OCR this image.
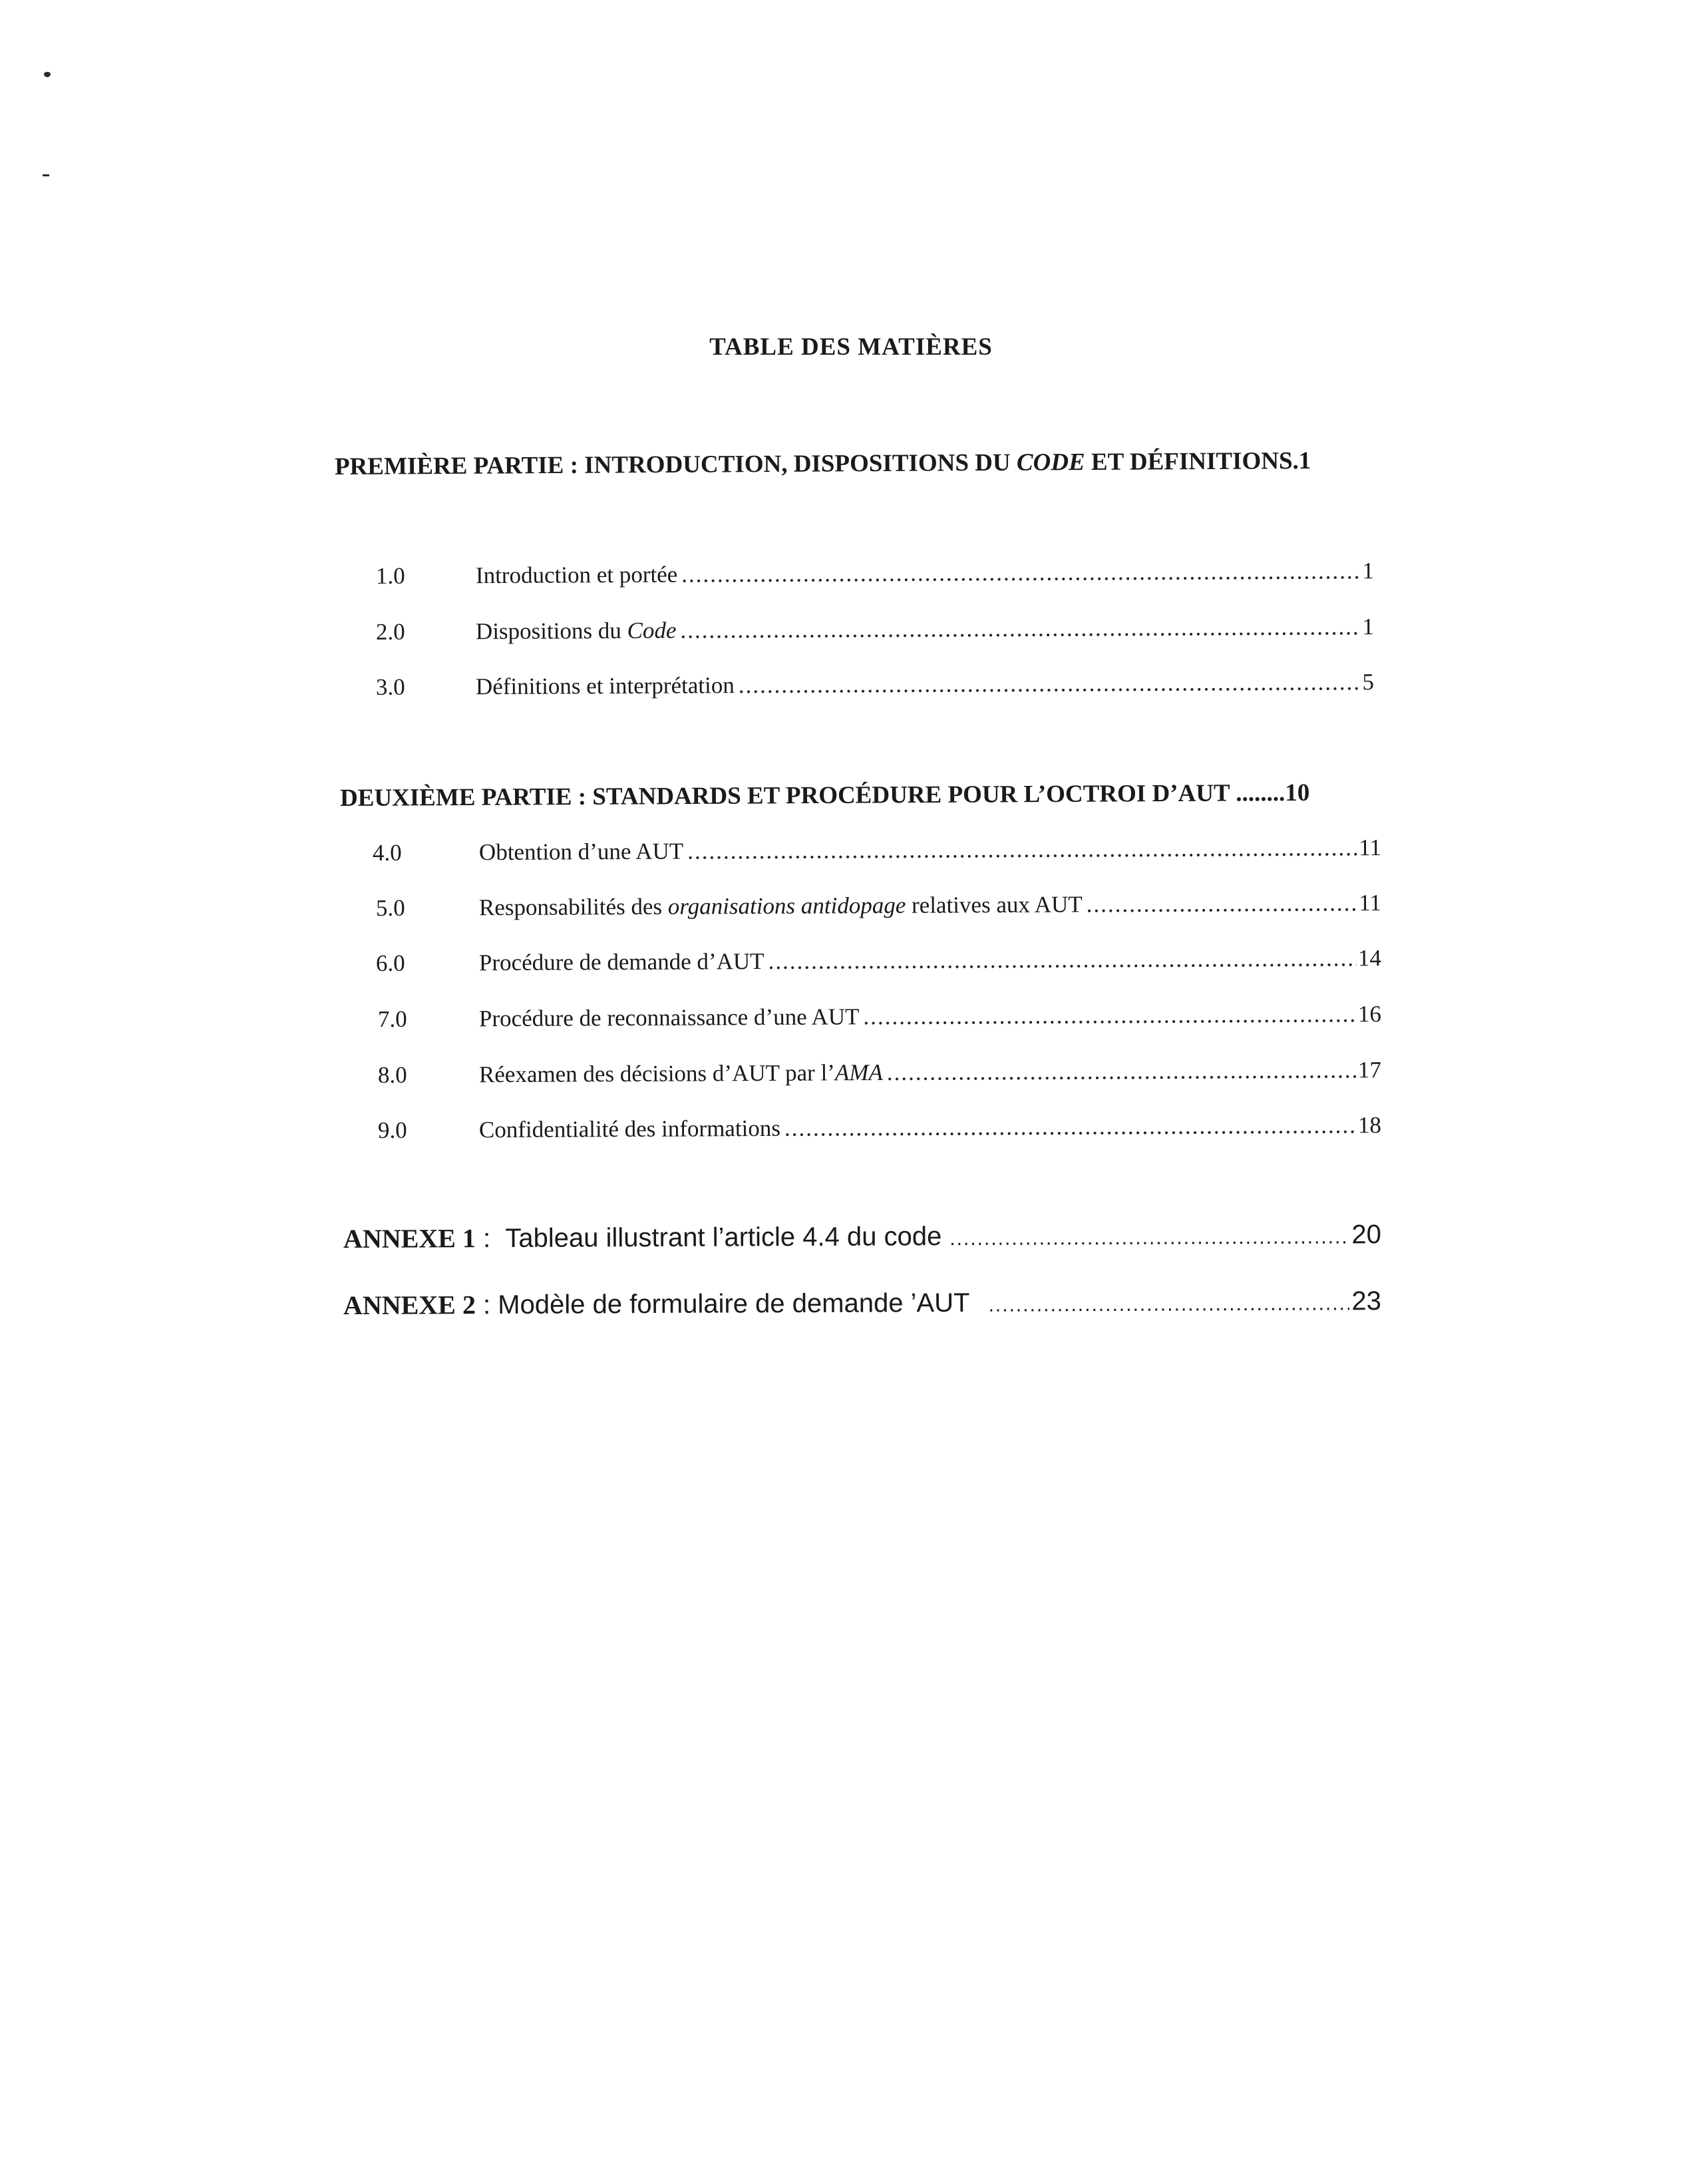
TABLE DES MATIÈRES
PREMIÈRE PARTIE : INTRODUCTION, DISPOSITIONS DU CODE ET DÉFINITIONS.1
1.0	Introduction et portée .....	1
2.0	Dispositions du Code .....	1
3.0	Définitions et interprétation .....	5
DEUXIÈME PARTIE : STANDARDS ET PROCÉDURE POUR L’OCTROI D’AUT ........10
4.0	Obtention d’une AUT .....	11
5.0	Responsabilités des organisations antidopage relatives aux AUT .....	11
6.0	Procédure de demande d’AUT .....	14
7.0	Procédure de reconnaissance d’une AUT .....	16
8.0	Réexamen des décisions d’AUT par l’AMA .....	17
9.0	Confidentialité des informations .....	18
ANNEXE 1 : Tableau illustrant l’article 4.4 du code .....	20
ANNEXE 2 : Modèle de formulaire de demande ’AUT .....	23
